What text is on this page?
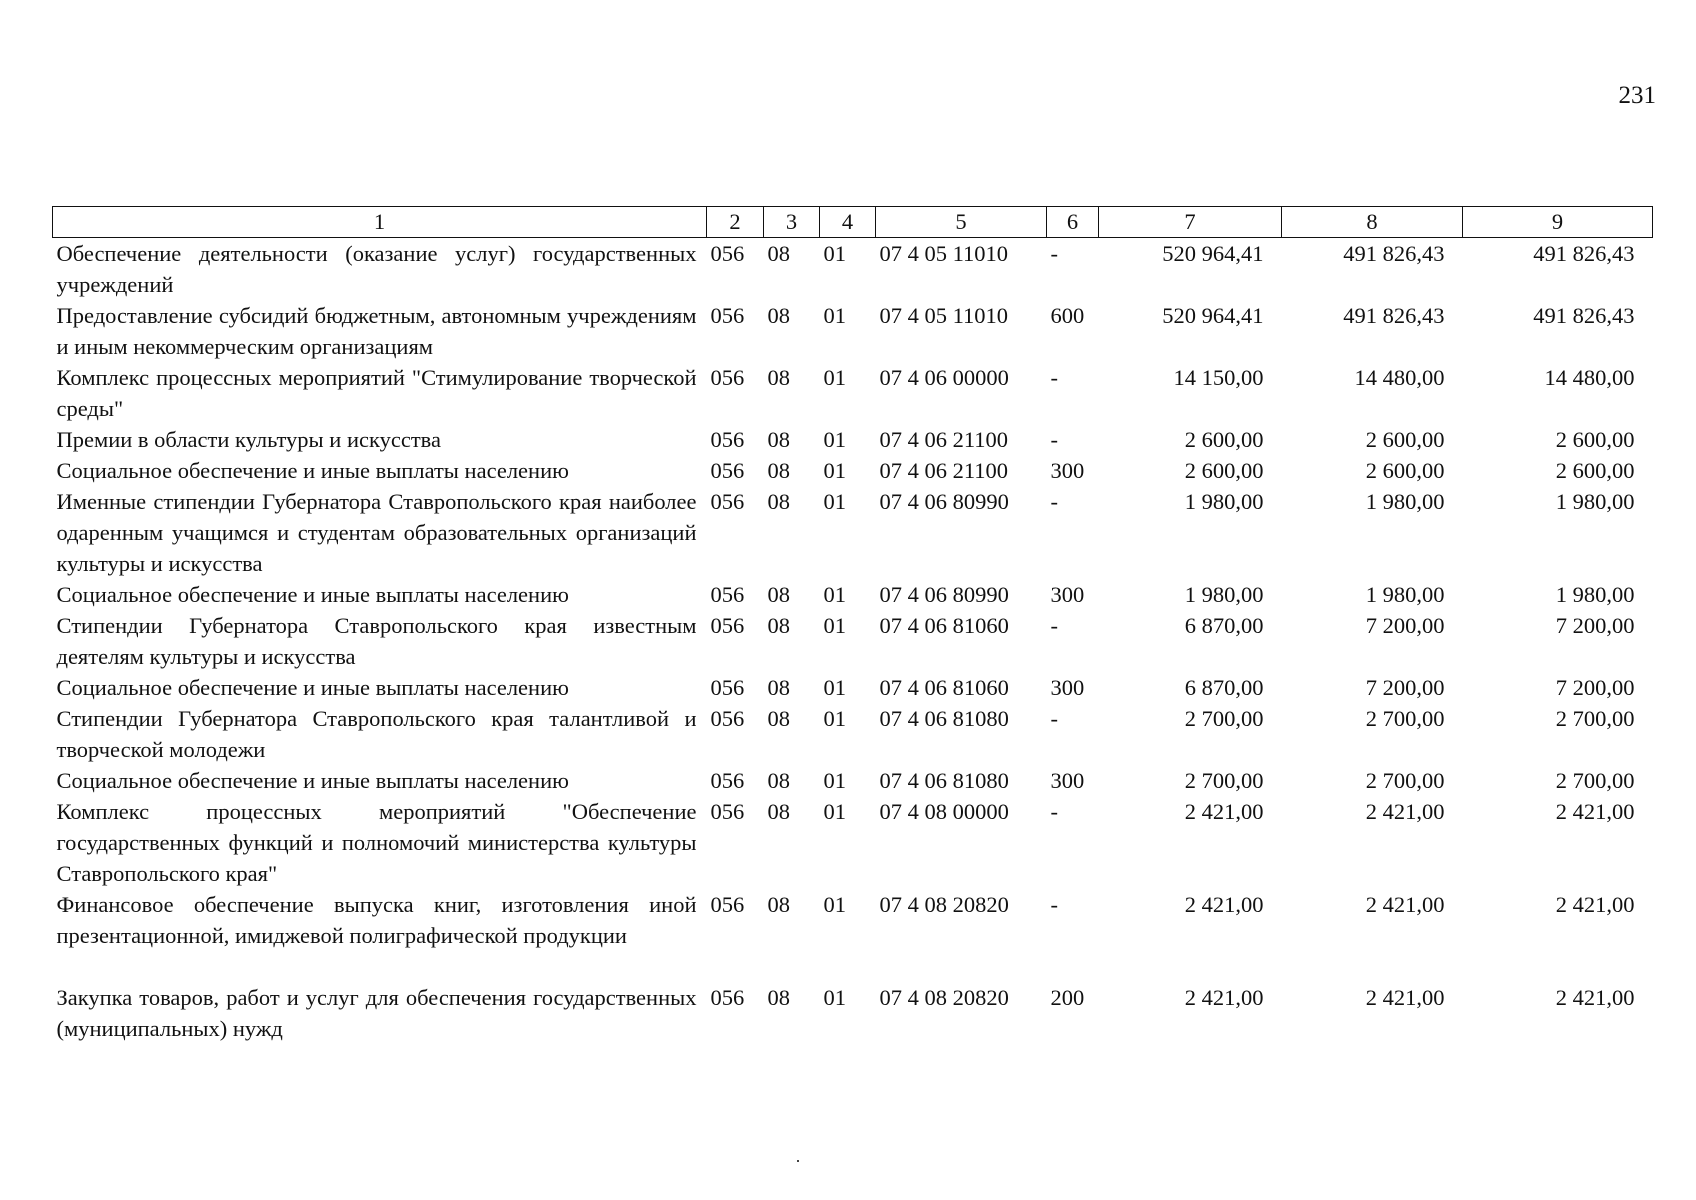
231
1	2	3	4	5	6	7	8	9
Обеспечение деятельности (оказание услуг) государственных учреждений	056	08	01	07 4 05 11010	-	520 964,41	491 826,43	491 826,43
Предоставление субсидий бюджетным, автономным учреждениям и иным некоммерческим организациям	056	08	01	07 4 05 11010	600	520 964,41	491 826,43	491 826,43
Комплекс процессных мероприятий "Стимулирование творческой среды"	056	08	01	07 4 06 00000	-	14 150,00	14 480,00	14 480,00
Премии в области культуры и искусства	056	08	01	07 4 06 21100	-	2 600,00	2 600,00	2 600,00
Социальное обеспечение и иные выплаты населению	056	08	01	07 4 06 21100	300	2 600,00	2 600,00	2 600,00
Именные стипендии Губернатора Ставропольского края наиболее одаренным учащимся и студентам образовательных организаций культуры и искусства	056	08	01	07 4 06 80990	-	1 980,00	1 980,00	1 980,00
Социальное обеспечение и иные выплаты населению	056	08	01	07 4 06 80990	300	1 980,00	1 980,00	1 980,00
Стипендии Губернатора Ставропольского края известным деятелям культуры и искусства	056	08	01	07 4 06 81060	-	6 870,00	7 200,00	7 200,00
Социальное обеспечение и иные выплаты населению	056	08	01	07 4 06 81060	300	6 870,00	7 200,00	7 200,00
Стипендии Губернатора Ставропольского края талантливой и творческой молодежи	056	08	01	07 4 06 81080	-	2 700,00	2 700,00	2 700,00
Социальное обеспечение и иные выплаты населению	056	08	01	07 4 06 81080	300	2 700,00	2 700,00	2 700,00
Комплекс процессных мероприятий "Обеспечение государственных функций и полномочий министерства культуры Ставропольского края"	056	08	01	07 4 08 00000	-	2 421,00	2 421,00	2 421,00
Финансовое обеспечение выпуска книг, изготовления иной презентационной, имиджевой полиграфической продукции	056	08	01	07 4 08 20820	-	2 421,00	2 421,00	2 421,00
Закупка товаров, работ и услуг для обеспечения государственных (муниципальных) нужд	056	08	01	07 4 08 20820	200	2 421,00	2 421,00	2 421,00
